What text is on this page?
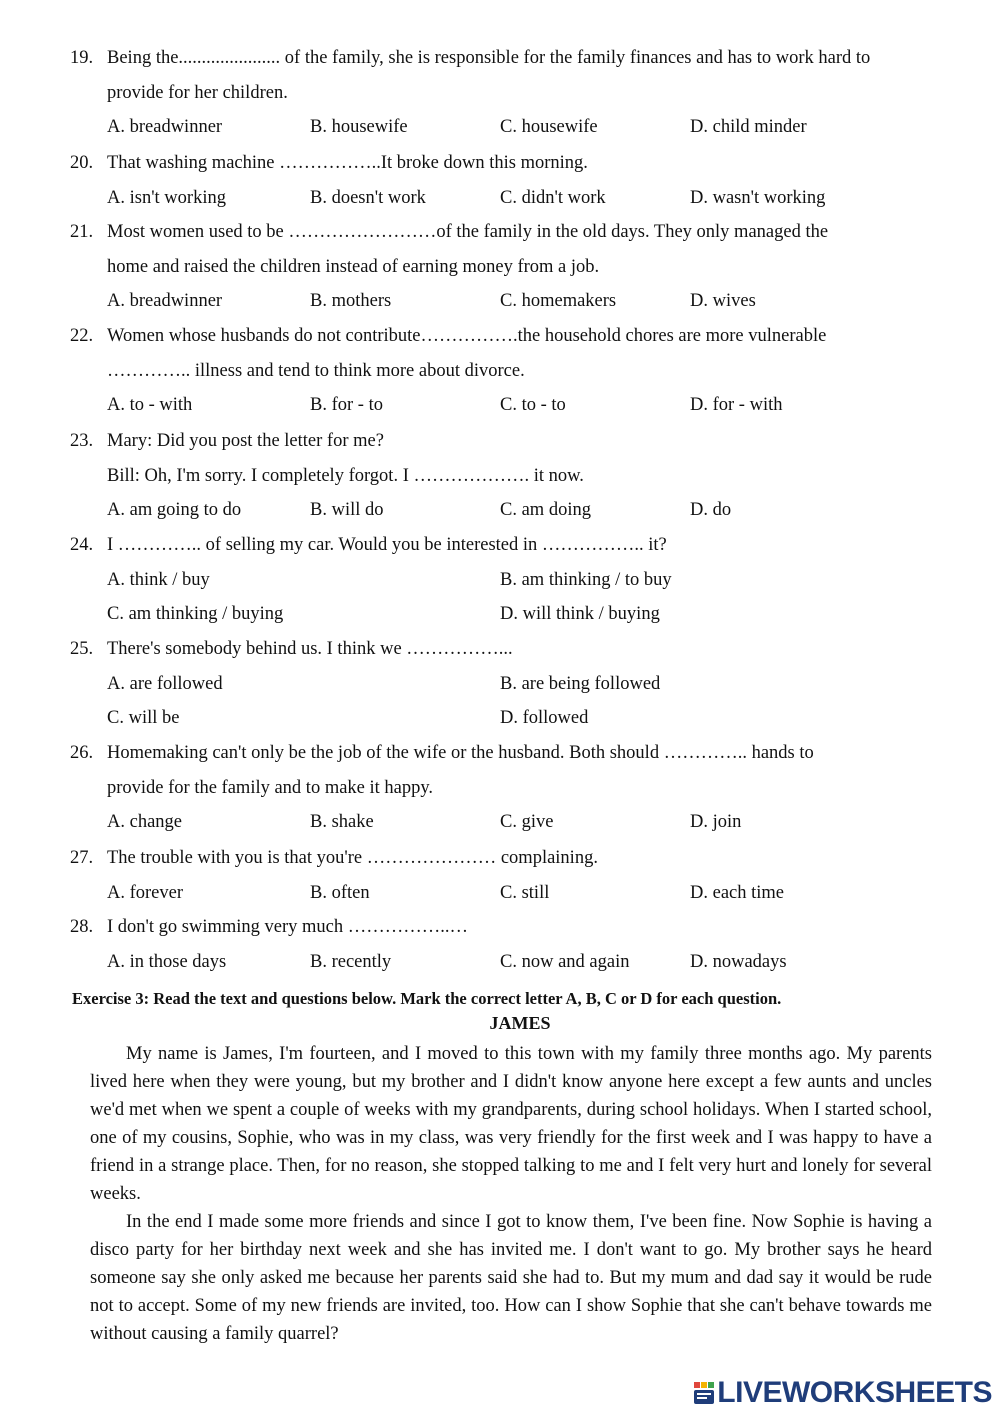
19. Being the...................... of the family, she is responsible for the family finances and has to work hard to
provide for her children.
A. breadwinner	B. housewife	C. housewife	D. child minder
20. That washing machine ……………..It broke down this morning.
A. isn't working	B. doesn't work	C. didn't work	D. wasn't working
21. Most women used to be ……………………of the family in the old days. They only managed the
home and raised the children instead of earning money from a job.
A. breadwinner	B. mothers	C. homemakers	D. wives
22. Women whose husbands do not contribute…………….the household chores are more vulnerable
………….. illness and tend to think more about divorce.
A. to - with	B. for - to	C. to - to	D. for - with
23. Mary: Did you post the letter for me?
Bill: Oh, I'm sorry. I completely forgot. I ………………. it now.
A. am going to do	B. will do	C. am doing	D. do
24. I ………….. of selling my car. Would you be interested in …………….. it?
A. think / buy	B. am thinking / to buy
C. am thinking / buying	D. will think / buying
25. There's somebody behind us. I think we ……………...
A. are followed	B. are being followed
C. will be	D. followed
26. Homemaking can't only be the job of the wife or the husband. Both should ………….. hands to
provide for the family and to make it happy.
A. change	B. shake	C. give	D. join
27. The trouble with you is that you're ………………… complaining.
A. forever	B. often	C. still	D. each time
28. I don't go swimming very much ……………..…
A. in those days	B. recently	C. now and again	D. nowadays
Exercise 3: Read the text and questions below. Mark the correct letter A, B, C or D for each question.
JAMES

My name is James, I'm fourteen, and I moved to this town with my family three months ago. My parents lived here when they were young, but my brother and I didn't know anyone here except a few aunts and uncles we'd met when we spent a couple of weeks with my grandparents, during school holidays. When I started school, one of my cousins, Sophie, who was in my class, was very friendly for the first week and I was happy to have a friend in a strange place. Then, for no reason, she stopped talking to me and I felt very hurt and lonely for several weeks.

In the end I made some more friends and since I got to know them, I've been fine. Now Sophie is having a disco party for her birthday next week and she has invited me. I don't want to go. My brother says he heard someone say she only asked me because her parents said she had to. But my mum and dad say it would be rude not to accept. Some of my new friends are invited, too. How can I show Sophie that she can't behave towards me without causing a family quarrel?

LIVEWORKSHEETS
